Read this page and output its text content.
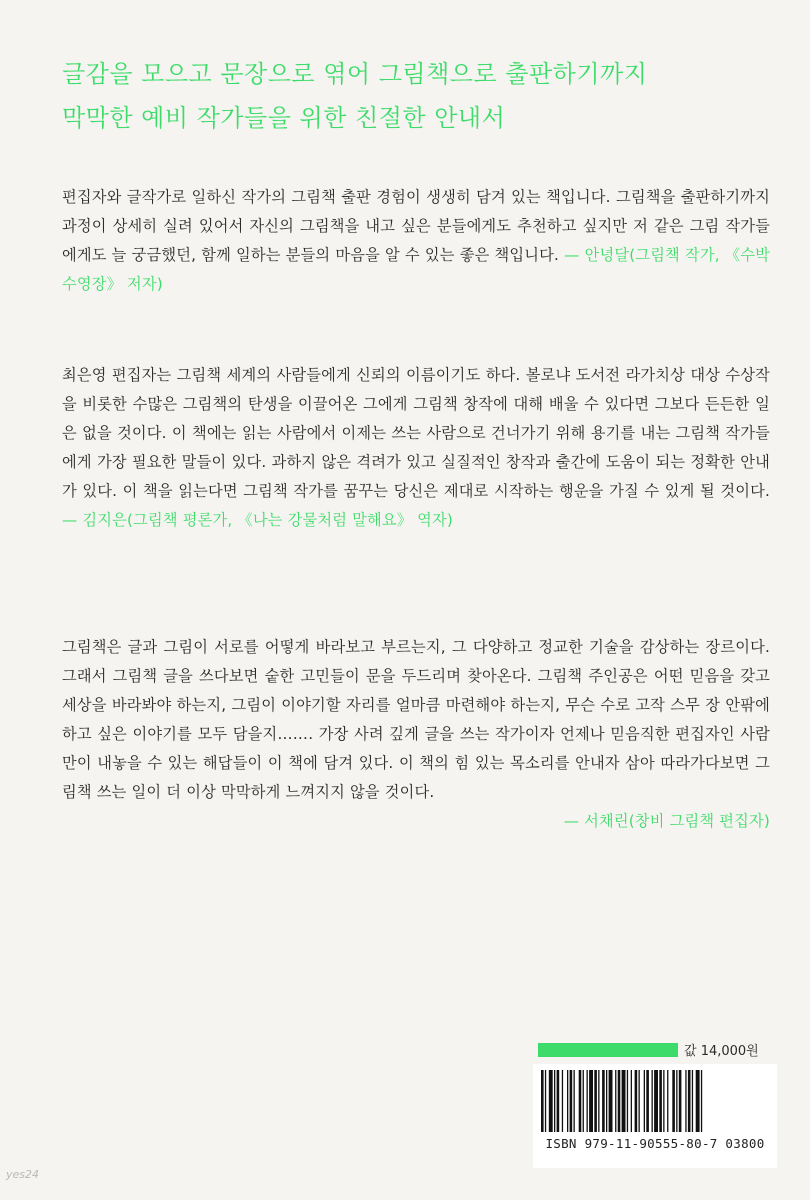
글감을 모으고 문장으로 엮어 그림책으로 출판하기까지
막막한 예비 작가들을 위한 친절한 안내서
편집자와 글작가로 일하신 작가의 그림책 출판 경험이 생생히 담겨 있는 책입니다. 그림책을 출판하기까지 과정이 상세히 실려 있어서 자신의 그림책을 내고 싶은 분들에게도 추천하고 싶지만 저 같은 그림 작가들에게도 늘 궁금했던, 함께 일하는 분들의 마음을 알 수 있는 좋은 책입니다. — 안녕달(그림책 작가, 《수박 수영장》 저자)
최은영 편집자는 그림책 세계의 사람들에게 신뢰의 이름이기도 하다. 볼로냐 도서전 라가치상 대상 수상작을 비롯한 수많은 그림책의 탄생을 이끌어온 그에게 그림책 창작에 대해 배울 수 있다면 그보다 든든한 일은 없을 것이다. 이 책에는 읽는 사람에서 이제는 쓰는 사람으로 건너가기 위해 용기를 내는 그림책 작가들에게 가장 필요한 말들이 있다. 과하지 않은 격려가 있고 실질적인 창작과 출간에 도움이 되는 정확한 안내가 있다. 이 책을 읽는다면 그림책 작가를 꿈꾸는 당신은 제대로 시작하는 행운을 가질 수 있게 될 것이다. — 김지은(그림책 평론가, 《나는 강물처럼 말해요》 역자)
그림책은 글과 그림이 서로를 어떻게 바라보고 부르는지, 그 다양하고 정교한 기술을 감상하는 장르이다. 그래서 그림책 글을 쓰다보면 숱한 고민들이 문을 두드리며 찾아온다. 그림책 주인공은 어떤 믿음을 갖고 세상을 바라봐야 하는지, 그림이 이야기할 자리를 얼마큼 마련해야 하는지, 무슨 수로 고작 스무 장 안팎에 하고 싶은 이야기를 모두 담을지……. 가장 사려 깊게 글을 쓰는 작가이자 언제나 믿음직한 편집자인 사람만이 내놓을 수 있는 해답들이 이 책에 담겨 있다. 이 책의 힘 있는 목소리를 안내자 삼아 따라가다보면 그림책 쓰는 일이 더 이상 막막하게 느껴지지 않을 것이다.
— 서채린(창비 그림책 편집자)
값 14,000원
ISBN 979-11-90555-80-7 03800
yes24
